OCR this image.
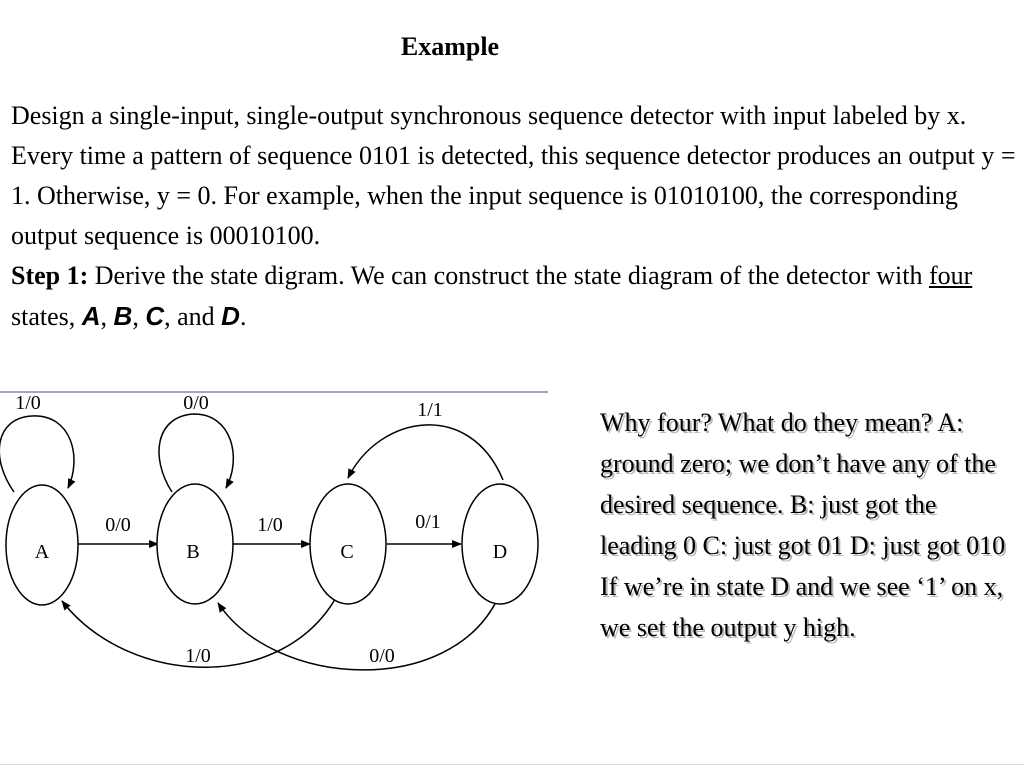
Example

Design a single-input, single-output synchronous sequence detector with input labeled by x. Every time a pattern of sequence 0101 is detected, this sequence detector produces an output y = 1. Otherwise, y = 0. For example, when the input sequence is 01010100, the corresponding output sequence is 00010100.

Step 1: Derive the state digram. We can construct the state diagram of the detector with four states, A, B, C, and D.

A	B	C	D
1/0	0/0
0/0	1/0	0/1
1/1
1/0	0/0
Why four? What do they mean? A: ground zero; we don’t have any of the desired sequence. B: just got the leading 0 C: just got 01 D: just got 010 If we’re in state D and we see ‘1’ on x, we set the output y high.
